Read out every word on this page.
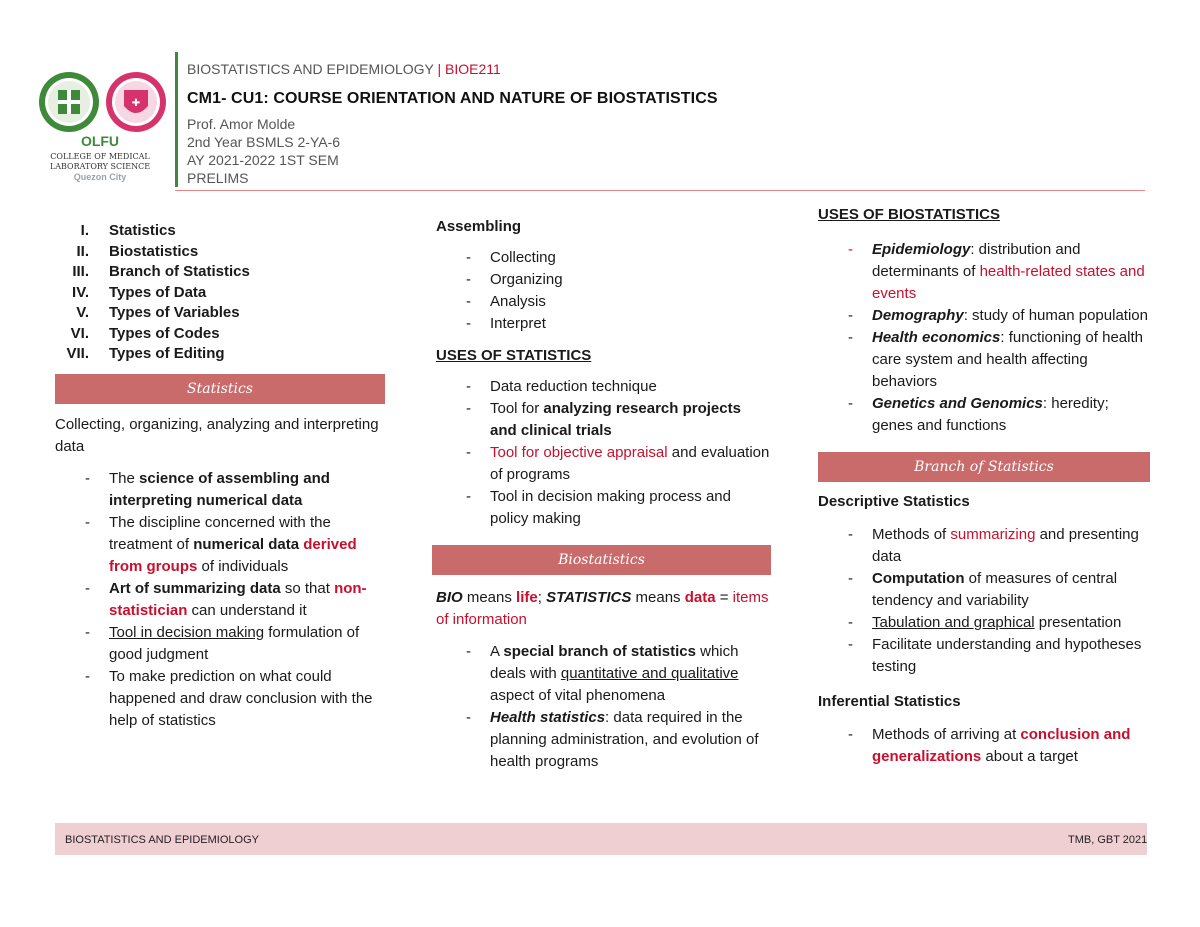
✚
OLFU
COLLEGE OF MEDICAL
LABORATORY SCIENCE
Quezon City
BIOSTATISTICS AND EPIDEMIOLOGY | BIOE211
CM1- CU1: COURSE ORIENTATION AND NATURE OF BIOSTATISTICS
Prof. Amor Molde
2nd Year BSMLS 2-YA-6
AY 2021-2022 1ST SEM
PRELIMS
I. Statistics
II. Biostatistics
III. Branch of Statistics
IV. Types of Data
V. Types of Variables
VI. Types of Codes
VII. Types of Editing
Statistics
Collecting, organizing, analyzing and interpreting data
- The science of assembling and interpreting numerical data
- The discipline concerned with the treatment of numerical data derived from groups of individuals
- Art of summarizing data so that non-statistician can understand it
- Tool in decision making formulation of good judgment
- To make prediction on what could happened and draw conclusion with the help of statistics
Assembling
- Collecting
- Organizing
- Analysis
- Interpret
USES OF STATISTICS
- Data reduction technique
- Tool for analyzing research projects and clinical trials
- Tool for objective appraisal and evaluation of programs
- Tool in decision making process and policy making
Biostatistics
BIO means life; STATISTICS means data = items of information
- A special branch of statistics which deals with quantitative and qualitative aspect of vital phenomena
- Health statistics: data required in the planning administration, and evolution of health programs
USES OF BIOSTATISTICS
- Epidemiology: distribution and determinants of health-related states and events
- Demography: study of human population
- Health economics: functioning of health care system and health affecting behaviors
- Genetics and Genomics: heredity; genes and functions
Branch of Statistics
Descriptive Statistics
- Methods of summarizing and presenting data
- Computation of measures of central tendency and variability
- Tabulation and graphical presentation
- Facilitate understanding and hypotheses testing
Inferential Statistics
- Methods of arriving at conclusion and generalizations about a target
BIOSTATISTICS AND EPIDEMIOLOGY	TMB, GBT 2021
